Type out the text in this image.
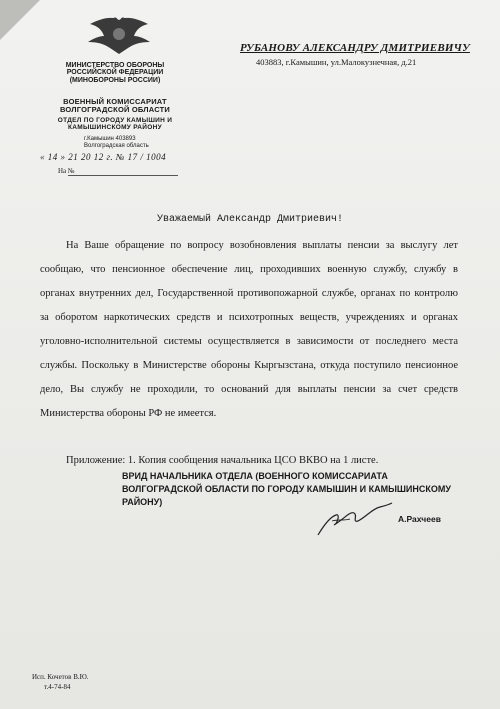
МИНИСТЕРСТВО ОБОРОНЫ РОССИЙСКОЙ ФЕДЕРАЦИИ (МИНОБОРОНЫ РОССИИ)
ВОЕННЫЙ КОМИССАРИАТ ВОЛГОГРАДСКОЙ ОБЛАСТИ
ОТДЕЛ ПО ГОРОДУ КАМЫШИН И КАМЫШИНСКОМУ РАЙОНУ
г.Камышин 403893
Волгоградская область
« 14 » 21 20 12 г. № 17 / 1004
На №
РУБАНОВУ АЛЕКСАНДРУ ДМИТРИЕВИЧУ
403883, г.Камышин, ул.Малокузнечная, д.21
Уважаемый Александр Дмитриевич!

На Ваше обращение по вопросу возобновления выплаты пенсии за выслугу лет сообщаю, что пенсионное обеспечение лиц, проходивших военную службу, службу в органах внутренних дел, Государственной противопожарной службе, органах по контролю за оборотом наркотических средств и психотропных веществ, учреждениях и органах уголовно-исполнительной системы осуществляется в зависимости от последнего места службы. Поскольку в Министерстве обороны Кыргызстана, откуда поступило пенсионное дело, Вы службу не проходили, то оснований для выплаты пенсии за счет средств Министерства обороны РФ не имеется.

Приложение: 1. Копия сообщения начальника ЦСО ВКВО на 1 листе.
ВРИД НАЧАЛЬНИКА ОТДЕЛА (ВОЕННОГО КОМИССАРИАТА ВОЛГОГРАДСКОЙ ОБЛАСТИ ПО ГОРОДУ КАМЫШИН И КАМЫШИНСКОМУ РАЙОНУ)
А.Рахчеев
Исп. Кочетов В.Ю.
т.4-74-84
